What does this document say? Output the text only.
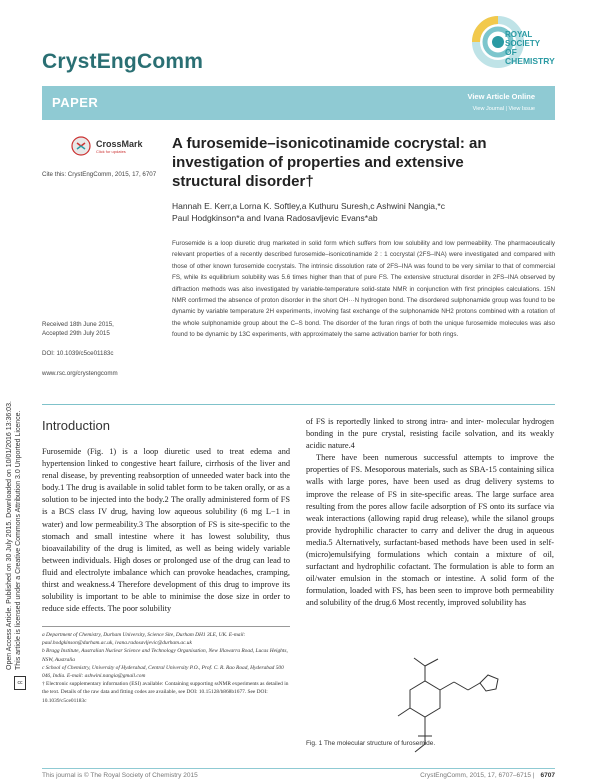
CrystEngComm
ROYAL SOCIETY
OF CHEMISTRY
PAPER	View Article Online
View Journal | View Issue
Open Access Article. Published on 30 July 2015. Downloaded on 10/01/2016 13:36:03. This article is licensed under a Creative Commons Attribution 3.0 Unported Licence.
cc
CrossMark
Click for updates
Cite this: CrystEngComm, 2015, 17, 6707
Received 18th June 2015,
Accepted 29th July 2015
DOI: 10.1039/c5ce01183c
www.rsc.org/crystengcomm
A furosemide–isonicotinamide cocrystal: an investigation of properties and extensive structural disorder†
Hannah E. Kerr,a Lorna K. Softley,a Kuthuru Suresh,c Ashwini Nangia,*c
Paul Hodgkinson*a and Ivana Radosavljevic Evans*ab
Furosemide is a loop diuretic drug marketed in solid form which suffers from low solubility and low permeability. The pharmaceutically relevant properties of a recently described furosemide–isonicotinamide 2 : 1 cocrystal (2FS–INA) were investigated and compared with those of other known furosemide cocrystals. The intrinsic dissolution rate of 2FS–INA was found to be very similar to that of commercial FS, while its equilibrium solubility was 5.6 times higher than that of pure FS. The extensive structural disorder in 2FS–INA observed by diffraction methods was also investigated by variable-temperature solid-state NMR in conjunction with first principles calculations. 15N NMR confirmed the absence of proton disorder in the short OH···N hydrogen bond. The disordered sulphonamide group was found to be dynamic by variable temperature 2H experiments, involving fast exchange of the sulphonamide NH2 protons combined with a rotation of the whole sulphonamide group about the C–S bond. The disorder of the furan rings of both the unique furosemide molecules was also found to be dynamic by 13C experiments, with approximately the same activation barrier for both rings.
Introduction

Furosemide (Fig. 1) is a loop diuretic used to treat edema and hypertension linked to congestive heart failure, cirrhosis of the liver and renal disease, by preventing reabsorption of unneeded water back into the body.1 The drug is available in solid tablet form to be taken orally, or as a solution to be injected into the body.2 The orally administered form of FS is a BCS class IV drug, having low aqueous solubility (6 mg L−1 in water) and low permeability.3 The absorption of FS is site-specific to the stomach and small intestine where it has lowest solubility, thus bioavailability of the drug is limited, as well as being widely variable between individuals. High doses or prolonged use of the drug can lead to fluid and electrolyte imbalance which can provoke headaches, cramping, thirst and weakness.4 Therefore development of this drug to improve its solubility is important to be able to minimise the dose size in order to reduce side effects. The poor solubility

of FS is reportedly linked to strong intra- and inter- molecular hydrogen bonding in the pure crystal, resisting facile solvation, and its weakly acidic nature.4

There have been numerous successful attempts to improve the properties of FS. Mesoporous materials, such as SBA-15 containing silica walls with large pores, have been used as drug delivery systems to improve the release of FS in site-specific areas. The large surface area resulting from the pores allow facile adsorption of FS onto its surface via weak interactions (allowing rapid drug release), while the silanol groups provide hydrophilic character to carry and deliver the drug in aqueous media.5 Alternatively, surfactant-based methods have been used in self-(micro)emulsifying formulations which contain a mixture of oil, surfactant and hydrophilic cofactant. The formulation is able to form an oil/water emulsion in the stomach or intestine. A solid form of the formulation, loaded with FS, has been seen to improve both permeability and solubility of the drug.6 Most recently, improved solubility has

a Department of Chemistry, Durham University, Science Site, Durham DH1 3LE, UK. E-mail: paul.hodgkinson@durham.ac.uk, ivana.radosavljevic@durham.ac.uk
b Bragg Institute, Australian Nuclear Science and Technology Organisation, New Illawarra Road, Lucas Heights, NSW, Australia
c School of Chemistry, University of Hyderabad, Central University P.O., Prof. C. R. Rao Road, Hyderabad 500 046, India. E-mail: ashwini.nangia@gmail.com
† Electronic supplementary information (ESI) available: Containing supporting ssNMR experiments as detailed in the text. Details of the raw data and fitting codes are available, see DOI: 10.15128/b868b1677. See DOI: 10.1039/c5ce01183c
Fig. 1 The molecular structure of furosemide.
This journal is © The Royal Society of Chemistry 2015	CrystEngComm, 2015, 17, 6707–6715 | 6707
